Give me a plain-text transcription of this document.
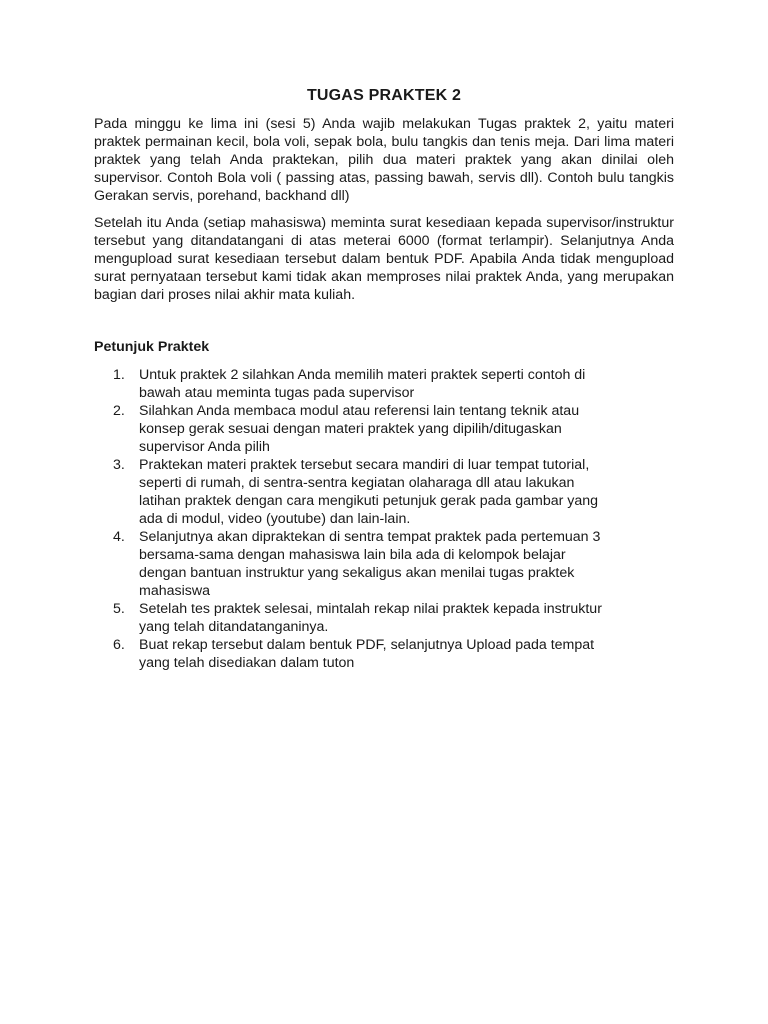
TUGAS PRAKTEK 2

Pada minggu ke lima ini (sesi 5) Anda wajib melakukan Tugas praktek 2, yaitu materi praktek permainan kecil, bola voli, sepak bola, bulu tangkis dan tenis meja. Dari lima materi praktek yang telah Anda praktekan, pilih dua materi praktek yang akan dinilai oleh supervisor. Contoh Bola voli ( passing atas, passing bawah, servis dll). Contoh bulu tangkis Gerakan servis, porehand, backhand dll)

Setelah itu Anda (setiap mahasiswa) meminta surat kesediaan kepada supervisor/instruktur tersebut yang ditandatangani di atas meterai 6000 (format terlampir). Selanjutnya Anda mengupload surat kesediaan tersebut dalam bentuk PDF. Apabila Anda tidak mengupload surat pernyataan tersebut kami tidak akan memproses nilai praktek Anda, yang merupakan bagian dari proses nilai akhir mata kuliah.

Petunjuk Praktek
1. Untuk praktek 2 silahkan Anda memilih materi praktek seperti contoh di bawah atau meminta tugas pada supervisor
2. Silahkan Anda membaca modul atau referensi lain tentang teknik atau konsep gerak sesuai dengan materi praktek yang dipilih/ditugaskan supervisor Anda pilih
3. Praktekan materi praktek tersebut secara mandiri di luar tempat tutorial, seperti di rumah, di sentra-sentra kegiatan olaharaga dll atau lakukan latihan praktek dengan cara mengikuti petunjuk gerak pada gambar yang ada di modul, video (youtube) dan lain-lain.
4. Selanjutnya akan dipraktekan di sentra tempat praktek pada pertemuan 3 bersama-sama dengan mahasiswa lain bila ada di kelompok belajar dengan bantuan instruktur yang sekaligus akan menilai tugas praktek mahasiswa
5. Setelah tes praktek selesai, mintalah rekap nilai praktek kepada instruktur yang telah ditandatanganinya.
6. Buat rekap tersebut dalam bentuk PDF, selanjutnya Upload pada tempat yang telah disediakan dalam tuton
